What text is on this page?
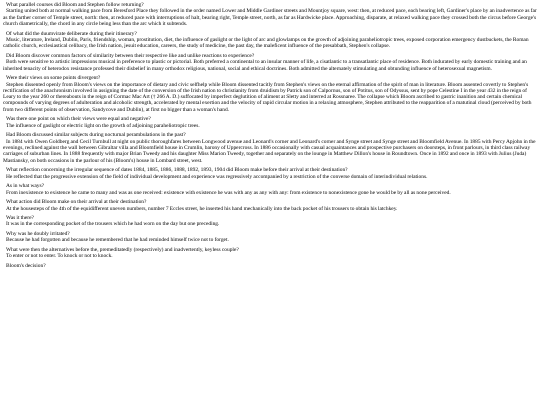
What parallel courses did Bloom and Stephen follow returning?

Starting united both at normal walking pace from Beresford Place they followed in the order named Lower and Middle Gardiner streets and Mountjoy square, west: then, at reduced pace, each bearing left, Gardiner's place by an inadvertence as far as the farther corner of Temple street, north: then, at reduced pace with interruptions of halt, bearing right, Temple street, north, as far as Hardwicke place. Approaching, disparate, at relaxed walking pace they crossed both the circus before George's church diametrically, the chord in any circle being less than the arc which it subtends.

Of what did the duumvirate deliberate during their itinerary?

Music, literature, Ireland, Dublin, Paris, friendship, woman, prostitution, diet, the influence of gaslight or the light of arc and glowlamps on the growth of adjoining paraheliotropic trees, exposed corporation emergency dustbuckets, the Roman catholic church, ecclesiastical celibacy, the Irish nation, jesuit education, careers, the study of medicine, the past day, the maleficent influence of the presabbath, Stephen's collapse.

Did Bloom discover common factors of similarity between their respective like and unlike reactions to experience?

Both were sensitive to artistic impressions musical in preference to plastic or pictorial. Both preferred a continental to an insular manner of life, a cisatlantic to a transatlantic place of residence. Both indurated by early domestic training and an inherited tenacity of heterodox resistance professed their disbelief in many orthodox religious, national, social and ethical doctrines. Both admitted the alternately stimulating and obtunding influence of heterosexual magnetism.

Were their views on some points divergent?

Stephen dissented openly from Bloom's views on the importance of dietary and civic selfhelp while Bloom dissented tacitly from Stephen's views on the eternal affirmation of the spirit of man in literature. Bloom assented covertly to Stephen's rectification of the anachronism involved in assigning the date of the conversion of the Irish nation to christianity from druidism by Patrick son of Calpornus, son of Potitus, son of Odyssus, sent by pope Celestine I in the year 432 in the reign of Leary to the year 260 or thereabouts in the reign of Cormac Mac Art († 266 A. D.) suffocated by imperfect deglutition of aliment at Sletty and interred at Rossnaree. The collapse which Bloom ascribed to gastric inanition and certain chemical compounds of varying degrees of adulteration and alcoholic strength, accelerated by mental exertion and the velocity of rapid circular motion in a relaxing atmosphere, Stephen attributed to the reapparition of a matutinal cloud (perceived by both from two different points of observation, Sandycove and Dublin), at first no bigger than a woman's hand.

Was there one point on which their views were equal and negative?

The influence of gaslight or electric light on the growth of adjoining paraheliotropic trees.

Had Bloom discussed similar subjects during nocturnal perambulations in the past?

In 1884 with Owen Goldberg and Cecil Turnbull at night on public thoroughfares between Longwood avenue and Leonard's corner and Leonard's corner and Synge street and Synge street and Bloomfield Avenue. In 1885 with Percy Apjohn in the evenings, reclined against the wall between Gibraltar villa and Bloomfield house in Crumlin, barony of Uppercross. In 1886 occasionally with casual acquaintances and prospective purchasers on doorsteps, in front parlours, in third class railway carriages of suburban lines. In 1888 frequently with major Brian Tweedy and his daughter Miss Marion Tweedy, together and separately on the lounge in Matthew Dillon's house in Roundtown. Once in 1892 and once in 1893 with Julius (Juda) Mastiansky, on both occasions in the parlour of his (Bloom's) house in Lombard street, west.

What reflection concerning the irregular sequence of dates 1884, 1885, 1886, 1888, 1892, 1893, 1904 did Bloom make before their arrival at their destination?

He reflected that the progressive extension of the field of individual development and experience was regressively accompanied by a restriction of the converse domain of interindividual relations.

As in what ways?

From inexistence to existence he came to many and was as one received: existence with existence he was with any as any with any: from existence to nonexistence gone he would be by all as none perceived.

What action did Bloom make on their arrival at their destination?

At the housesteps of the 4th of the equidifferent uneven numbers, number 7 Eccles street, he inserted his hand mechanically into the back pocket of his trousers to obtain his latchkey.

Was it there?

It was in the corresponding pocket of the trousers which he had worn on the day but one preceding.

Why was he doubly irritated?

Because he had forgotten and because he remembered that he had reminded himself twice not to forget.

What were then the alternatives before the, premeditatedly (respectively) and inadvertently, keyless couple?

To enter or not to enter. To knock or not to knock.

Bloom's decision?
